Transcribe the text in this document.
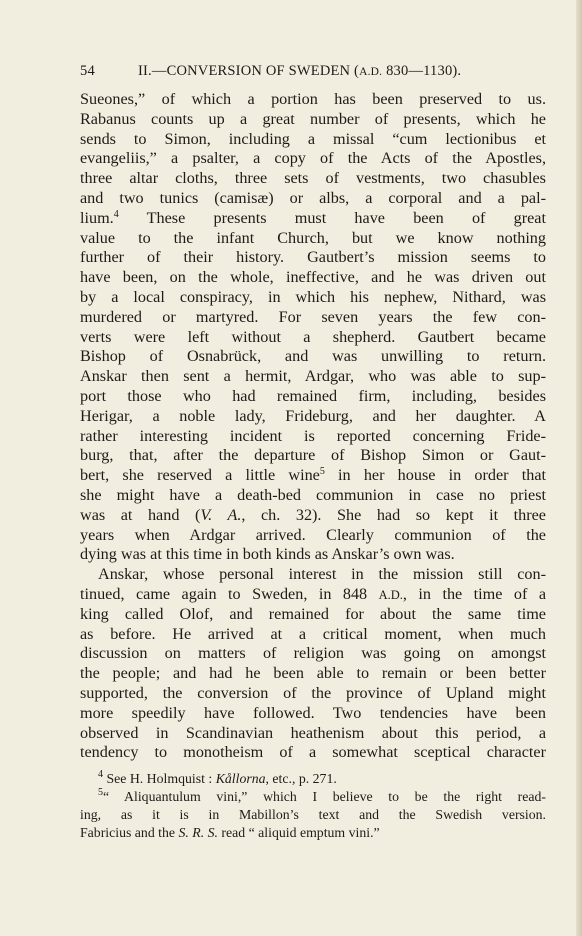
54	II.—CONVERSION OF SWEDEN (A.D. 830—1130).
Sueones,” of which a portion has been preserved to us.
Rabanus counts up a great number of presents, which he
sends to Simon, including a missal “cum lectionibus et
evangeliis,” a psalter, a copy of the Acts of the Apostles,
three altar cloths, three sets of vestments, two chasubles
and two tunics (camisæ) or albs, a corporal and a pal-
lium.$^4$ These presents must have been of great
value to the infant Church, but we know nothing
further of their history. Gautbert’s mission seems to
have been, on the whole, ineffective, and he was driven out
by a local conspiracy, in which his nephew, Nithard, was
murdered or martyred. For seven years the few con-
verts were left without a shepherd. Gautbert became
Bishop of Osnabrück, and was unwilling to return.
Anskar then sent a hermit, Ardgar, who was able to sup-
port those who had remained firm, including, besides
Herigar, a noble lady, Frideburg, and her daughter. A
rather interesting incident is reported concerning Fride-
burg, that, after the departure of Bishop Simon or Gaut-
bert, she reserved a little wine$^5$ in her house in order that
she might have a death-bed communion in case no priest
was at hand (V. A., ch. 32). She had so kept it three
years when Ardgar arrived. Clearly communion of the
dying was at this time in both kinds as Anskar’s own was.
Anskar, whose personal interest in the mission still con-
tinued, came again to Sweden, in 848 A.D., in the time of a
king called Olof, and remained for about the same time
as before. He arrived at a critical moment, when much
discussion on matters of religion was going on amongst
the people; and had he been able to remain or been better
supported, the conversion of the province of Upland might
more speedily have followed. Two tendencies have been
observed in Scandinavian heathenism about this period, a
tendency to monotheism of a somewhat sceptical character
$^4$ See H. Holmquist : Kållorna, etc., p. 271.
$^5$“ Aliquantulum vini,” which I believe to be the right read-
ing, as it is in Mabillon’s text and the Swedish version.
Fabricius and the S. R. S. read “ aliquid emptum vini.”
